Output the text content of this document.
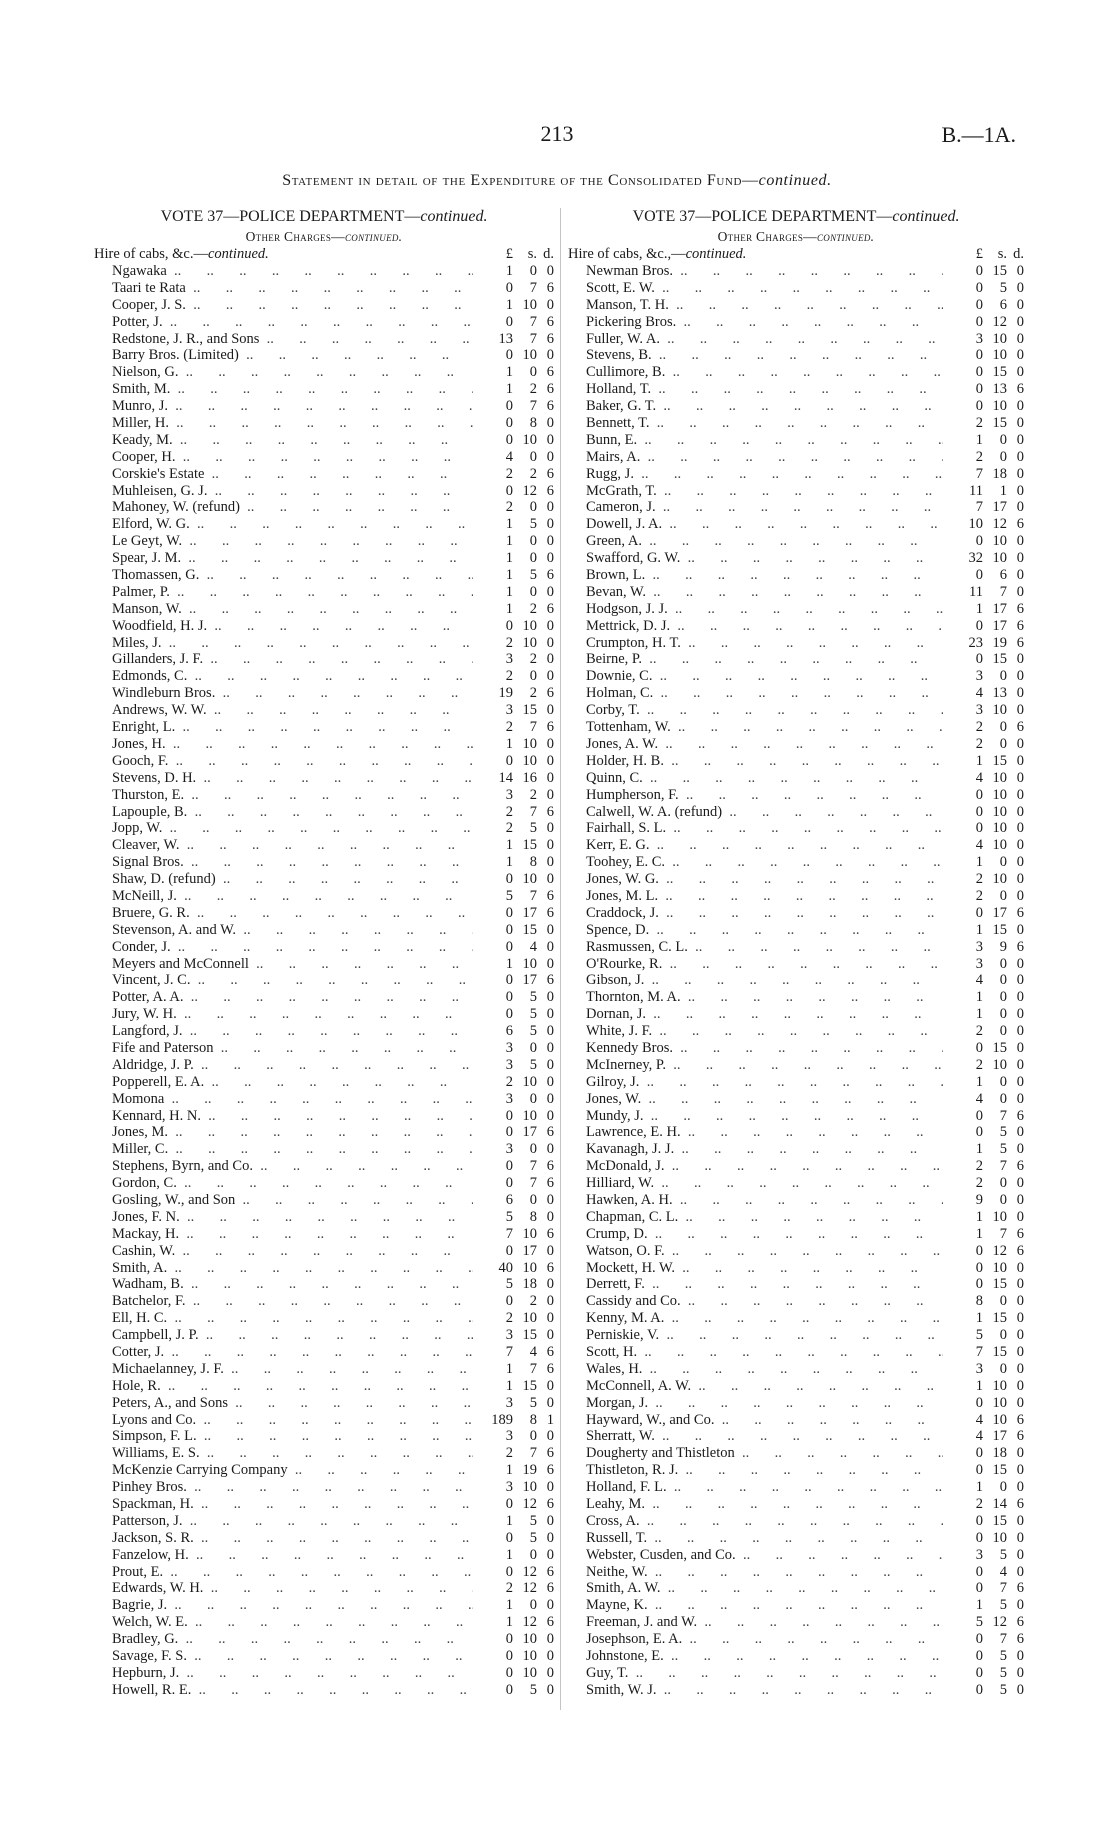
213	B.—1A.
Statement in detail of the Expenditure of the Consolidated Fund—continued.
VOTE 37—POLICE DEPARTMENT—continued.
Other Charges—continued.
Hire of cabs, &c.—continued.	£	s. d.
Ngawaka ..	1	0 0
Taari te Rata ..	0	7 6
Cooper, J. S. ..	1 10 0
Potter, J. ..	0	7 6
Redstone, J. R., and Sons ..	13	7 6
Barry Bros. (Limited) ..	0 10 0
Nielson, G. ..	1	0 6
Smith, M. ..	1	2 6
Munro, J. ..	0	7 6
Miller, H. ..	0	8 0
Keady, M. ..	0 10 0
Cooper, H. ..	4	0 0
Corskie's Estate ..	2	2 6
Muhleisen, G. J. ..	0 12 6
Mahoney, W. (refund) ..	2	0 0
Elford, W. G. ..	1	5 0
Le Geyt, W. ..	1	0 0
Spear, J. M. ..	1	0 0
Thomassen, G. ..	1	5 6
Palmer, P. ..	1	0 0
Manson, W. ..	1	2 6
Woodfield, H. J. ..	0 10 0
Miles, J. ..	2 10 0
Gillanders, J. F. ..	3	2 0
Edmonds, C. ..	2	0 0
Windleburn Bros. ..	19	2 6
Andrews, W. W. ..	3 15 0
Enright, L. ..	2	7 6
Jones, H. ..	1 10 0
Gooch, F. ..	0 10 0
Stevens, D. H. ..	14 16 0
Thurston, E. ..	3	2 0
Lapouple, B. ..	2	7 6
Jopp, W. ..	2	5 0
Cleaver, W. ..	1 15 0
Signal Bros. ..	1	8 0
Shaw, D. (refund) ..	0 10 0
McNeill, J. ..	5	7 6
Bruere, G. R. ..	0 17 6
Stevenson, A. and W. ..	0 15 0
Conder, J. ..	0	4 0
Meyers and McConnell ..	1 10 0
Vincent, J. C. ..	0 17 6
Potter, A. A. ..	0	5 0
Jury, W. H. ..	0	5 0
Langford, J. ..	6	5 0
Fife and Paterson ..	3	0 0
Aldridge, J. P. ..	3	5 0
Popperell, E. A. ..	2 10 0
Momona ..	3	0 0
Kennard, H. N. ..	0 10 0
Jones, M. ..	0 17 6
Miller, C. ..	3	0 0
Stephens, Byrn, and Co. ..	0	7 6
Gordon, C. ..	0	7 6
Gosling, W., and Son ..	6	0 0
Jones, F. N. ..	5	8 0
Mackay, H. ..	7 10 6
Cashin, W. ..	0 17 0
Smith, A. ..	40 10 6
Wadham, B. ..	5 18 0
Batchelor, F. ..	0	2 0
Ell, H. C. ..	2 10 0
Campbell, J. P. ..	3 15 0
Cotter, J. ..	7	4 6
Michaelanney, J. F. ..	1	7 6
Hole, R. ..	1 15 0
Peters, A., and Sons ..	3	5 0
Lyons and Co. ..	189	8 1
Simpson, F. L. ..	3	0 0
Williams, E. S. ..	2	7 6
McKenzie Carrying Company ..	1 19 6
Pinhey Bros. ..	3 10 0
Spackman, H. ..	0 12 6
Patterson, J. ..	1	5 0
Jackson, S. R. ..	0	5 0
Fanzelow, H. ..	1	0 0
Prout, E. ..	0 12 6
Edwards, W. H. ..	2 12 6
Bagrie, J. ..	1	0 0
Welch, W. E. ..	1 12 6
Bradley, G. ..	0 10 0
Savage, F. S. ..	0 10 0
Hepburn, J. ..	0 10 0
Howell, R. E. ..	0	5 0
VOTE 37—POLICE DEPARTMENT—continued.
Other Charges—continued.
Hire of cabs, &c.,—continued.	£	s. d.
Newman Bros. ..	0 15 0
Scott, E. W. ..	0	5 0
Manson, T. H. ..	0	6 0
Pickering Bros. ..	0 12 0
Fuller, W. A. ..	3 10 0
Stevens, B. ..	0 10 0
Cullimore, B. ..	0 15 0
Holland, T. ..	0 13 6
Baker, G. T. ..	0 10 0
Bennett, T. ..	2 15 0
Bunn, E. ..	1	0 0
Mairs, A. ..	2	0 0
Rugg, J. ..	7 18 0
McGrath, T. ..	11	1 0
Cameron, J. ..	7 17 0
Dowell, J. A. ..	10 12 6
Green, A. ..	0 10 0
Swafford, G. W. ..	32 10 0
Brown, L. ..	0	6 0
Bevan, W. ..	11	7 0
Hodgson, J. J. ..	1 17 6
Mettrick, D. J. ..	0 17 6
Crumpton, H. T. ..	23 19 6
Beirne, P. ..	0 15 0
Downie, C. ..	3	0 0
Holman, C. ..	4 13 0
Corby, T. ..	3 10 0
Tottenham, W. ..	2	0 6
Jones, A. W. ..	2	0 0
Holder, H. B. ..	1 15 0
Quinn, C. ..	4 10 0
Humpherson, F. ..	0 10 0
Calwell, W. A. (refund) ..	0 10 0
Fairhall, S. L. ..	0 10 0
Kerr, E. G. ..	4 10 0
Toohey, E. C. ..	1	0 0
Jones, W. G. ..	2 10 0
Jones, M. L. ..	2	0 0
Craddock, J. ..	0 17 6
Spence, D. ..	1 15 0
Rasmussen, C. L. ..	3	9 6
O'Rourke, R. ..	3	0 0
Gibson, J. ..	4	0 0
Thornton, M. A. ..	1	0 0
Dornan, J. ..	1	0 0
White, J. F. ..	2	0 0
Kennedy Bros. ..	0 15 0
McInerney, P. ..	2 10 0
Gilroy, J. ..	1	0 0
Jones, W. ..	4	0 0
Mundy, J. ..	0	7 6
Lawrence, E. H. ..	0	5 0
Kavanagh, J. J. ..	1	5 0
McDonald, J. ..	2	7 6
Hilliard, W. ..	2	0 0
Hawken, A. H. ..	9	0 0
Chapman, C. L. ..	1 10 0
Crump, D. ..	1	7 6
Watson, O. F. ..	0 12 6
Mockett, H. W. ..	0 10 0
Derrett, F. ..	0 15 0
Cassidy and Co. ..	8	0 0
Kenny, M. A. ..	1 15 0
Perniskie, V. ..	5	0 0
Scott, H. ..	7 15 0
Wales, H. ..	3	0 0
McConnell, A. W. ..	1 10 0
Morgan, J. ..	0 10 0
Hayward, W., and Co. ..	4 10 6
Sherratt, W. ..	4 17 6
Dougherty and Thistleton ..	0 18 0
Thistleton, R. J. ..	0 15 0
Holland, F. L. ..	1	0 0
Leahy, M. ..	2 14 6
Cross, A. ..	0 15 0
Russell, T. ..	0 10 0
Webster, Cusden, and Co. ..	3	5 0
Neithe, W. ..	0	4 0
Smith, A. W. ..	0	7 6
Mayne, K. ..	1	5 0
Freeman, J. and W. ..	5 12 6
Josephson, E. A. ..	0	7 6
Johnstone, E. ..	0	5 0
Guy, T. ..	0	5 0
Smith, W. J. ..	0	5 0
